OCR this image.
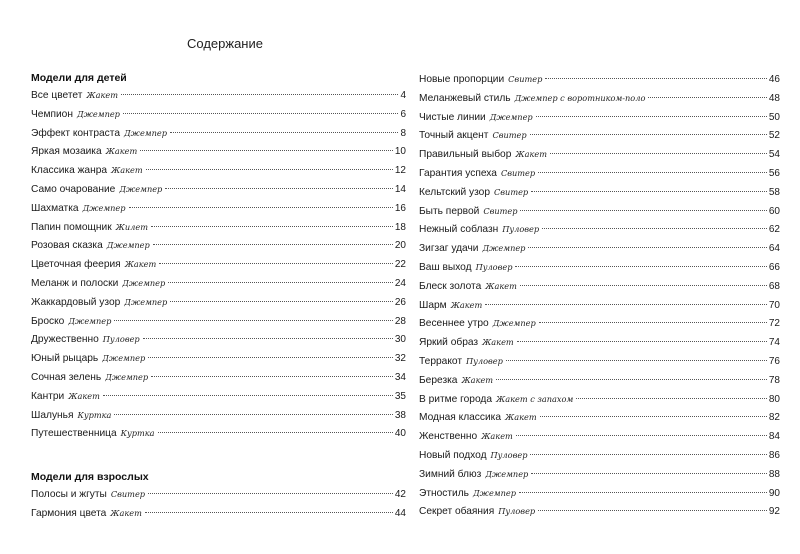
Содержание
Модели для детей
Все цветет Жакет	4
Чемпион Джемпер	6
Эффект контраста Джемпер	8
Яркая мозаика Жакет	10
Классика жанра Жакет	12
Само очарование Джемпер	14
Шахматка Джемпер	16
Папин помощник Жилет	18
Розовая сказка Джемпер	20
Цветочная феерия Жакет	22
Меланж и полоски Джемпер	24
Жаккардовый узор Джемпер	26
Броско Джемпер	28
Дружественно Пуловер	30
Юный рыцарь Джемпер	32
Сочная зелень Джемпер	34
Кантри Жакет	35
Шалунья Куртка	38
Путешественница Куртка	40
Модели для взрослых
Полосы и жгуты Свитер	42
Гармония цвета Жакет	44
Новые пропорции Свитер	46
Меланжевый стиль Джемпер с воротником-поло	48
Чистые линии Джемпер	50
Точный акцент Свитер	52
Правильный выбор Жакет	54
Гарантия успеха Свитер	56
Кельтский узор Свитер	58
Быть первой Свитер	60
Нежный соблазн Пуловер	62
Зигзаг удачи Джемпер	64
Ваш выход Пуловер	66
Блеск золота Жакет	68
Шарм Жакет	70
Весеннее утро Джемпер	72
Яркий образ Жакет	74
Терракот Пуловер	76
Березка Жакет	78
В ритме города Жакет с запахом	80
Модная классика Жакет	82
Женственно Жакет	84
Новый подход Пуловер	86
Зимний блюз Джемпер	88
Этностиль Джемпер	90
Секрет обаяния Пуловер	92
